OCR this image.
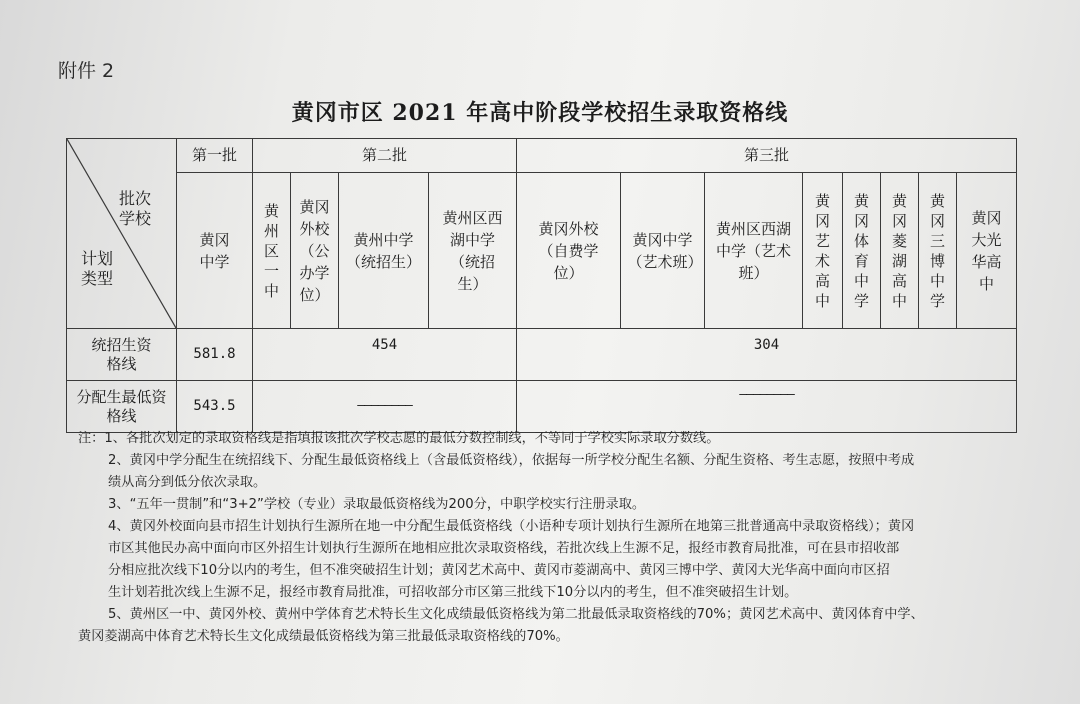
附件 2
黄冈市区 2021 年高中阶段学校招生录取资格线
批次学校
计划类型	第一批	第二批				第三批							
	黄冈中学	黄州区一中	黄冈外校（公办学位）	黄州中学（统招生）	黄州区西湖中学（统招生）	黄冈外校（自费学位）	黄冈中学（艺术班）	黄州区西湖中学（艺术班）	黄冈艺术高中	黄冈体育中学	黄冈菱湖高中	黄冈三博中学	黄冈大光华高中
统招生资格线	581.8	454				304							
分配生最低资格线	543.5	————————				————————							

注：1、各批次划定的录取资格线是指填报该批次学校志愿的最低分数控制线，不等同于学校实际录取分数线。

2、黄冈中学分配生在统招线下、分配生最低资格线上（含最低资格线），依据每一所学校分配生名额、分配生资格、考生志愿，按照中考成

绩从高分到低分依次录取。

3、“五年一贯制”和“3+2”学校（专业）录取最低资格线为200分，中职学校实行注册录取。

4、黄冈外校面向县市招生计划执行生源所在地一中分配生最低资格线（小语种专项计划执行生源所在地第三批普通高中录取资格线）；黄冈

市区其他民办高中面向市区外招生计划执行生源所在地相应批次录取资格线，若批次线上生源不足，报经市教育局批准，可在县市招收部

分相应批次线下10分以内的考生，但不准突破招生计划；黄冈艺术高中、黄冈市菱湖高中、黄冈三博中学、黄冈大光华高中面向市区招

生计划若批次线上生源不足，报经市教育局批准，可招收部分市区第三批线下10分以内的考生，但不准突破招生计划。

5、黄州区一中、黄冈外校、黄州中学体育艺术特长生文化成绩最低资格线为第二批最低录取资格线的70%；黄冈艺术高中、黄冈体育中学、

黄冈菱湖高中体育艺术特长生文化成绩最低资格线为第三批最低录取资格线的70%。
